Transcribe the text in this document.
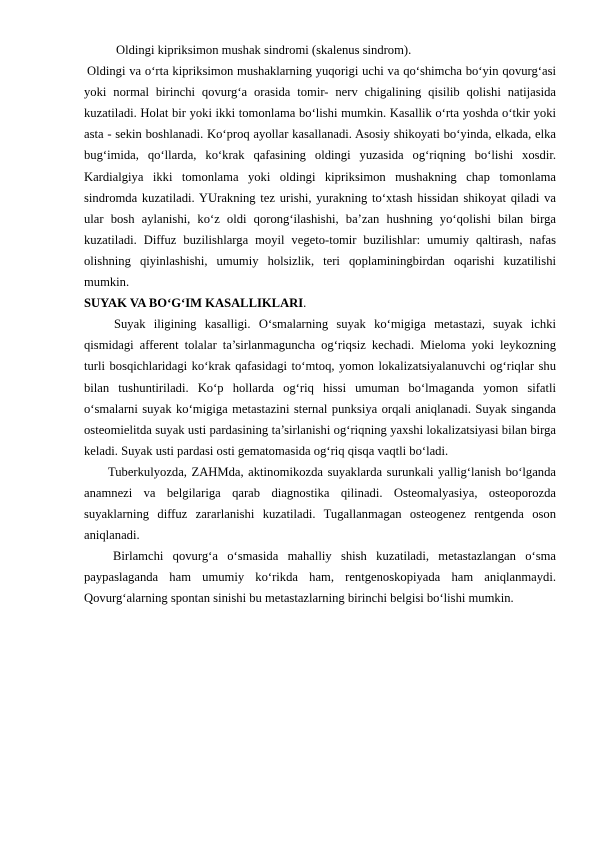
Oldingi kipriksimon mushak sindromi (skalenus sindrom).

Oldingi va o‘rta kipriksimon mushaklarning yuqorigi uchi va qo‘shimcha bo‘yin qovurg‘asi yoki normal birinchi qovurg‘a orasida tomir- nerv chigalining qisilib qolishi natijasida kuzatiladi. Holat bir yoki ikki tomonlama bo‘lishi mumkin. Kasallik o‘rta yoshda o‘tkir yoki asta - sekin boshlanadi. Ko‘proq ayollar kasallanadi. Asosiy shikoyati bo‘yinda, elkada, elka bug‘imida, qo‘llarda, ko‘krak qafasining oldingi yuzasida og‘riqning bo‘lishi xosdir. Kardialgiya ikki tomonlama yoki oldingi kipriksimon mushakning chap tomonlama sindromda kuzatiladi. YUrakning tez urishi, yurakning to‘xtash hissidan shikoyat qiladi va ular bosh aylanishi, ko‘z oldi qorong‘ilashishi, ba’zan hushning yo‘qolishi bilan birga kuzatiladi. Diffuz buzilishlarga moyil vegeto-tomir buzilishlar: umumiy qaltirash, nafas olishning qiyinlashishi, umumiy holsizlik, teri qoplaminingbirdan oqarishi kuzatilishi mumkin.

SUYAK VA BO‘G‘IM KASALLIKLARI.

Suyak iligining kasalligi. O‘smalarning suyak ko‘migiga metastazi, suyak ichki qismidagi afferent tolalar ta’sirlanmaguncha og‘riqsiz kechadi. Mieloma yoki leykozning turli bosqichlaridagi ko‘krak qafasidagi to‘mtoq, yomon lokalizatsiyalanuvchi og‘riqlar shu bilan tushuntiriladi. Ko‘p hollarda og‘riq hissi umuman bo‘lmaganda yomon sifatli o‘smalarni suyak ko‘migiga metastazini sternal punksiya orqali aniqlanadi. Suyak singanda osteomielitda suyak usti pardasining ta’sirlanishi og‘riqning yaxshi lokalizatsiyasi bilan birga keladi. Suyak usti pardasi osti gematomasida og‘riq qisqa vaqtli bo‘ladi.

Tuberkulyozda, ZAHMda, aktinomikozda suyaklarda surunkali yallig‘lanish bo‘lganda anamnezi va belgilariga qarab diagnostika qilinadi. Osteomalyasiya, osteoporozda suyaklarning diffuz zararlanishi kuzatiladi. Tugallanmagan osteogenez rentgenda oson aniqlanadi.

Birlamchi qovurg‘a o‘smasida mahalliy shish kuzatiladi, metastazlangan o‘sma paypaslaganda ham umumiy ko‘rikda ham, rentgenoskopiyada ham aniqlanmaydi. Qovurg‘alarning spontan sinishi bu metastazlarning birinchi belgisi bo‘lishi mumkin.
